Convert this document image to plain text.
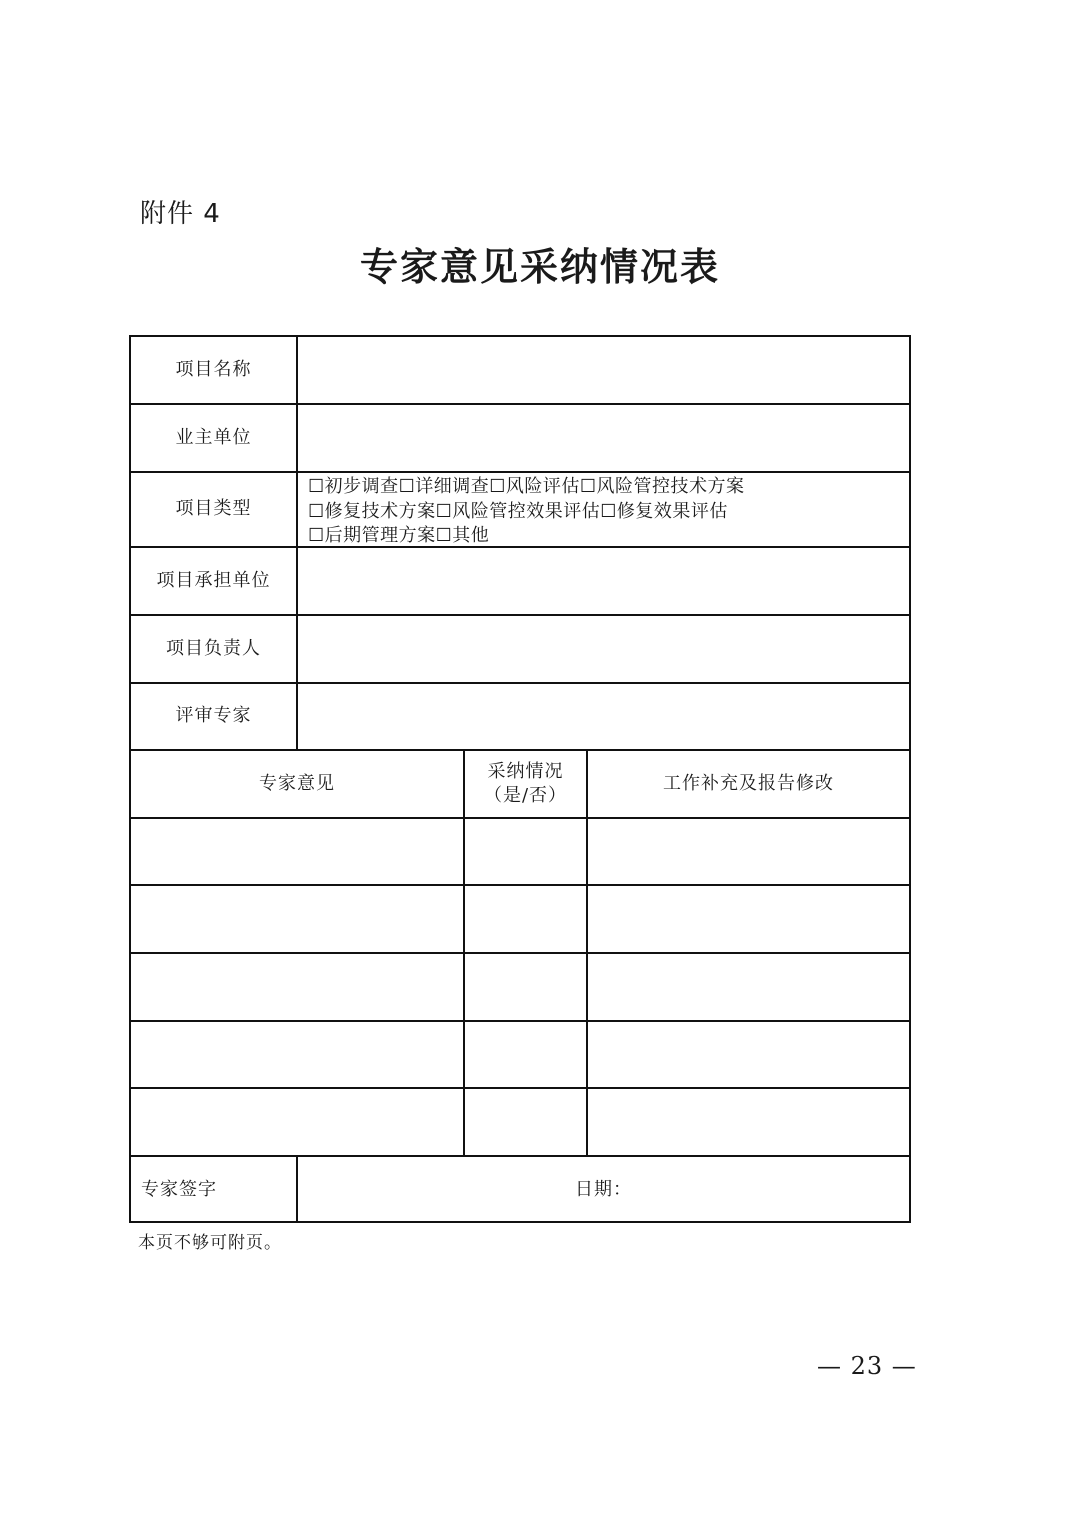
附件 4
专家意见采纳情况表
项目名称
业主单位
项目类型
☐初步调查☐详细调查☐风险评估☐风险管控技术方案
☐修复技术方案☐风险管控效果评估☐修复效果评估
☐后期管理方案☐其他
项目承担单位
项目负责人
评审专家
专家意见
采纳情况
（是/否）
工作补充及报告修改
专家签字	日期：
本页不够可附页。
— 23 —
